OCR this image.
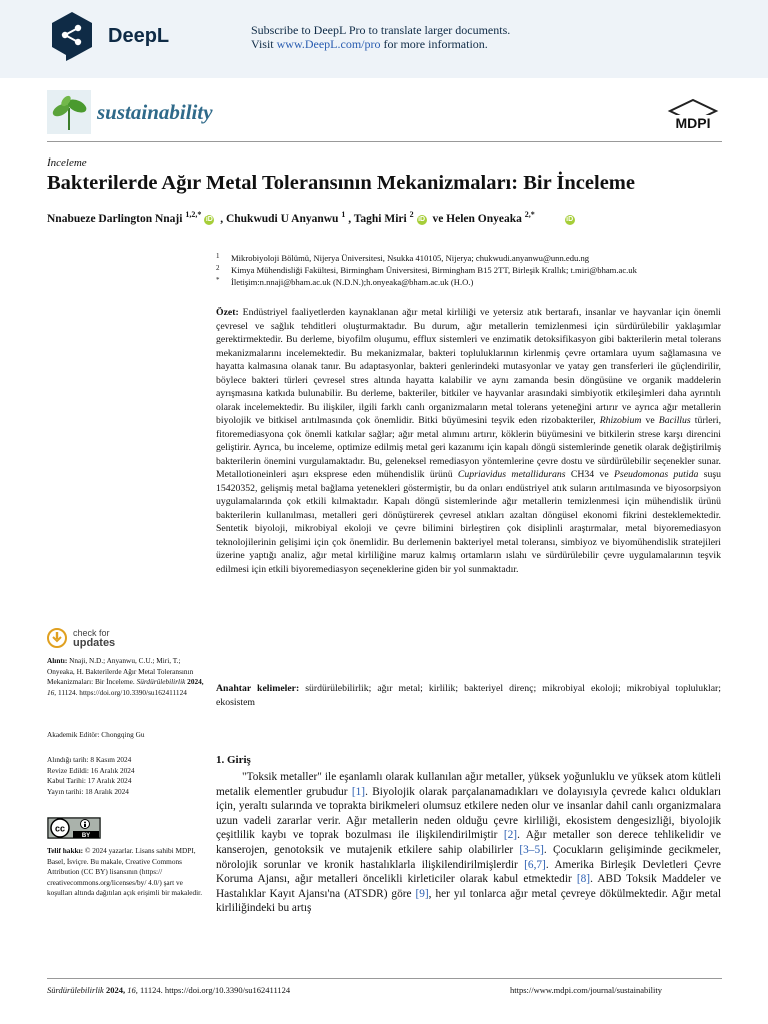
DeepL	Subscribe to DeepL Pro to translate larger documents.
Visit www.DeepL.com/pro for more information.
sustainability	MDPI
İnceleme
Bakterilerde Ağır Metal Toleransının Mekanizmaları: Bir İnceleme
Nnabueze Darlington Nnaji $^{1,2,*}$iD , Chukwudi U Anyanwu $^1$ , Taghi Miri $^2$iD ve Helen Onyeaka $^{2,*}$ iD
1 Mikrobiyoloji Bölümü, Nijerya Üniversitesi, Nsukka 410105, Nijerya; chukwudi.anyanwu@unn.edu.ng
2 Kimya Mühendisliği Fakültesi, Birmingham Üniversitesi, Birmingham B15 2TT, Birleşik Krallık; t.miri@bham.ac.uk
* İletişim:n.nnaji@bham.ac.uk (N.D.N.);h.onyeaka@bham.ac.uk (H.O.)
Özet: Endüstriyel faaliyetlerden kaynaklanan ağır metal kirliliği ve yetersiz atık bertarafı, insanlar ve hayvanlar için önemli çevresel ve sağlık tehditleri oluşturmaktadır. Bu durum, ağır metallerin temizlenmesi için sürdürülebilir yaklaşımlar gerektirmektedir. Bu derleme, biyofilm oluşumu, efflux sistemleri ve enzimatik detoksifikasyon gibi bakterilerin metal tolerans mekanizmalarını incelemektedir. Bu mekanizmalar, bakteri topluluklarının kirlenmiş çevre ortamlara uyum sağlamasına ve hayatta kalmasına olanak tanır. Bu adaptasyonlar, bakteri genlerindeki mutasyonlar ve yatay gen transferleri ile güçlendirilir, böylece bakteri türleri çevresel stres altında hayatta kalabilir ve aynı zamanda besin döngüsüne ve organik maddelerin ayrışmasına katkıda bulunabilir. Bu derleme, bakteriler, bitkiler ve hayvanlar arasındaki simbiyotik etkileşimleri daha ayrıntılı olarak incelemektedir. Bu ilişkiler, ilgili farklı canlı organizmaların metal tolerans yeteneğini artırır ve ayrıca ağır metallerin biyolojik ve bitkisel arıtılmasında çok önemlidir. Bitki büyümesini teşvik eden rizobakteriler, Rhizobium ve Bacillus türleri, fitoremediasyona çok önemli katkılar sağlar; ağır metal alımını artırır, köklerin büyümesini ve bitkilerin strese karşı direncini geliştirir. Ayrıca, bu inceleme, optimize edilmiş metal geri kazanımı için kapalı döngü sistemlerinde genetik olarak değiştirilmiş bakterilerin önemini vurgulamaktadır. Bu, geleneksel remediasyon yöntemlerine çevre dostu ve sürdürülebilir seçenekler sunar. Metallotioneinleri aşırı eksprese eden mühendislik ürünü Cupriavidus metallidurans CH34 ve Pseudomonas putida suşu 15420352, gelişmiş metal bağlama yetenekleri göstermiştir, bu da onları endüstriyel atık suların arıtılmasında ve biyosorpsiyon uygulamalarında çok etkili kılmaktadır. Kapalı döngü sistemlerinde ağır metallerin temizlenmesi için mühendislik ürünü bakterilerin kullanılması, metalleri geri dönüştürerek çevresel atıkları azaltan döngüsel ekonomi fikrini desteklemektedir. Sentetik biyoloji, mikrobiyal ekoloji ve çevre bilimini birleştiren çok disiplinli araştırmalar, metal biyoremediasyon teknolojilerinin gelişimi için çok önemlidir. Bu derlemenin bakteriyel metal toleransı, simbiyoz ve biyomühendislik stratejileri üzerine yaptığı analiz, ağır metal kirliliğine maruz kalmış ortamların ıslahı ve sürdürülebilir çevre uygulamalarının teşvik edilmesi için etkili biyoremediasyon seçeneklerine giden bir yol sunmaktadır.
Anahtar kelimeler: sürdürülebilirlik; ağır metal; kirlilik; bakteriyel direnç; mikrobiyal ekoloji; mikrobiyal topluluklar; ekosistem

check for
updates
Alıntı: Nnaji, N.D.; Anyanwu, C.U.; Miri, T.; Onyeaka, H. Bakterilerde Ağır Metal Toleransının Mekanizmaları: Bir İnceleme. Sürdürülebilirlik 2024, 16, 11124. https://doi.org/10.3390/su162411124
Akademik Editör: Chongqing Gu
Alındığı tarih: 8 Kasım 2024
Revize Edildi: 16 Aralık 2024
Kabul Tarihi: 17 Aralık 2024
Yayın tarihi: 18 Aralık 2024
cc
BY
Telif hakkı: © 2024 yazarlar. Lisans sahibi MDPI, Basel, İsviçre. Bu makale, Creative Commons Attribution (CC BY) lisansının (https:// creativecommons.org/licenses/by/ 4.0/) şart ve koşulları altında dağıtılan açık erişimli bir makaledir.
1. Giriş
"Toksik metaller" ile eşanlamlı olarak kullanılan ağır metaller, yüksek yoğunluklu ve yüksek atom kütleli metalik elementler grubudur [1]. Biyolojik olarak parçalanamadıkları ve dolayısıyla çevrede kalıcı oldukları için, yeraltı sularında ve toprakta birikmeleri olumsuz etkilere neden olur ve insanlar dahil canlı organizmalara uzun vadeli zararlar verir. Ağır metallerin neden olduğu çevre kirliliği, ekosistem dengesizliği, biyolojik çeşitlilik kaybı ve toprak bozulması ile ilişkilendirilmiştir [2]. Ağır metaller son derece tehlikelidir ve kanserojen, genotoksik ve mutajenik etkilere sahip olabilirler [3–5]. Çocukların gelişiminde gecikmeler, nörolojik sorunlar ve kronik hastalıklarla ilişkilendirilmişlerdir [6,7]. Amerika Birleşik Devletleri Çevre Koruma Ajansı, ağır metalleri öncelikli kirleticiler olarak kabul etmektedir [8]. ABD Toksik Maddeler ve Hastalıklar Kayıt Ajansı'na (ATSDR) göre [9], her yıl tonlarca ağır metal çevreye dökülmektedir. Ağır metal kirliliğindeki bu artış
Sürdürülebilirlik 2024, 16, 11124. https://doi.org/10.3390/su162411124	https://www.mdpi.com/journal/sustainability
